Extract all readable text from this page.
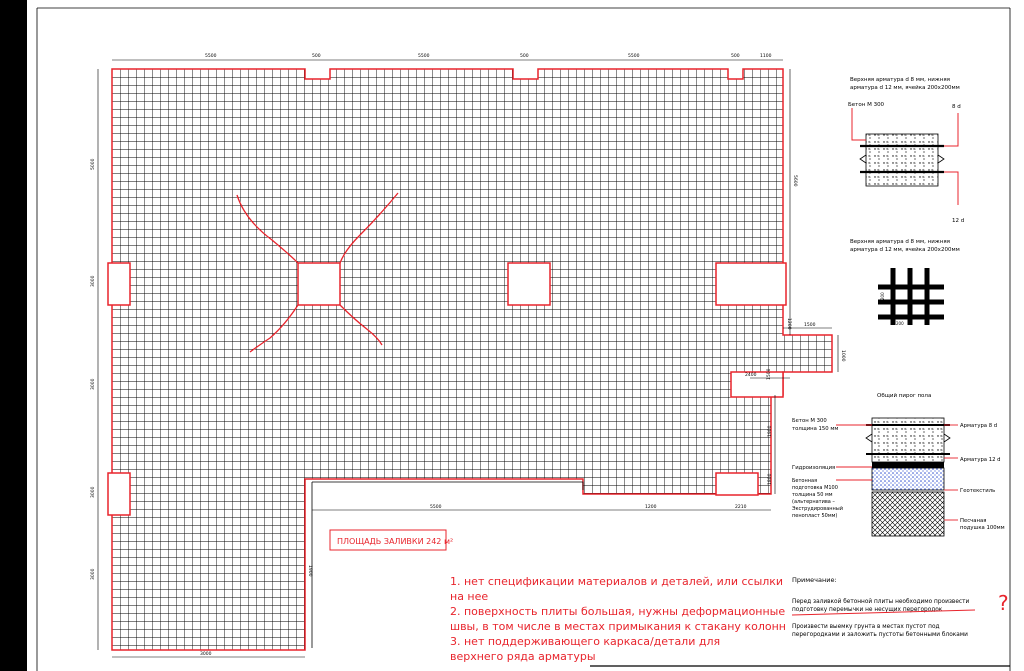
5500	500	5500	500	5500	500	1100
3000
5500	1200	2210
5000
3000
3000
3000
3000
5600
1200
1000
1500
1900
1800
1500
2400
1900
ПЛОЩАДЬ ЗАЛИВКИ 242 м²
Верхняя арматура d 8 мм, нижняя
арматура d 12 мм, ячейка 200х200мм
Бетон М 300	8 d
12 d
Верхняя арматура d 8 мм, нижняя
арматура d 12 мм, ячейка 200х200мм
200
200
Общий пирог пола
Бетон М 300
толщина 150 мм	Арматура 8 d
Арматура 12 d
Гидроизоляция
Бетонная
подготовка М100
толщина 50 мм
(альтернатива –
Экструдированный
пенопласт 50мм)
Геотекстиль
Песчаная
подушка 100мм
Примечание:
Перед заливкой бетонной плиты необходимо произвести
подготовку перемычки не несущих перегородок
Произвести выемку грунта в местах пустот под
перегородками и заложить пустоты бетонными блоками
?
1. нет спецификации материалов и деталей, или ссылки
на нее
2. поверхность плиты большая, нужны деформационные
швы, в том числе в местах примыкания к стакану колонн
3. нет поддерживающего каркаса/детали для
верхнего ряда арматуры
